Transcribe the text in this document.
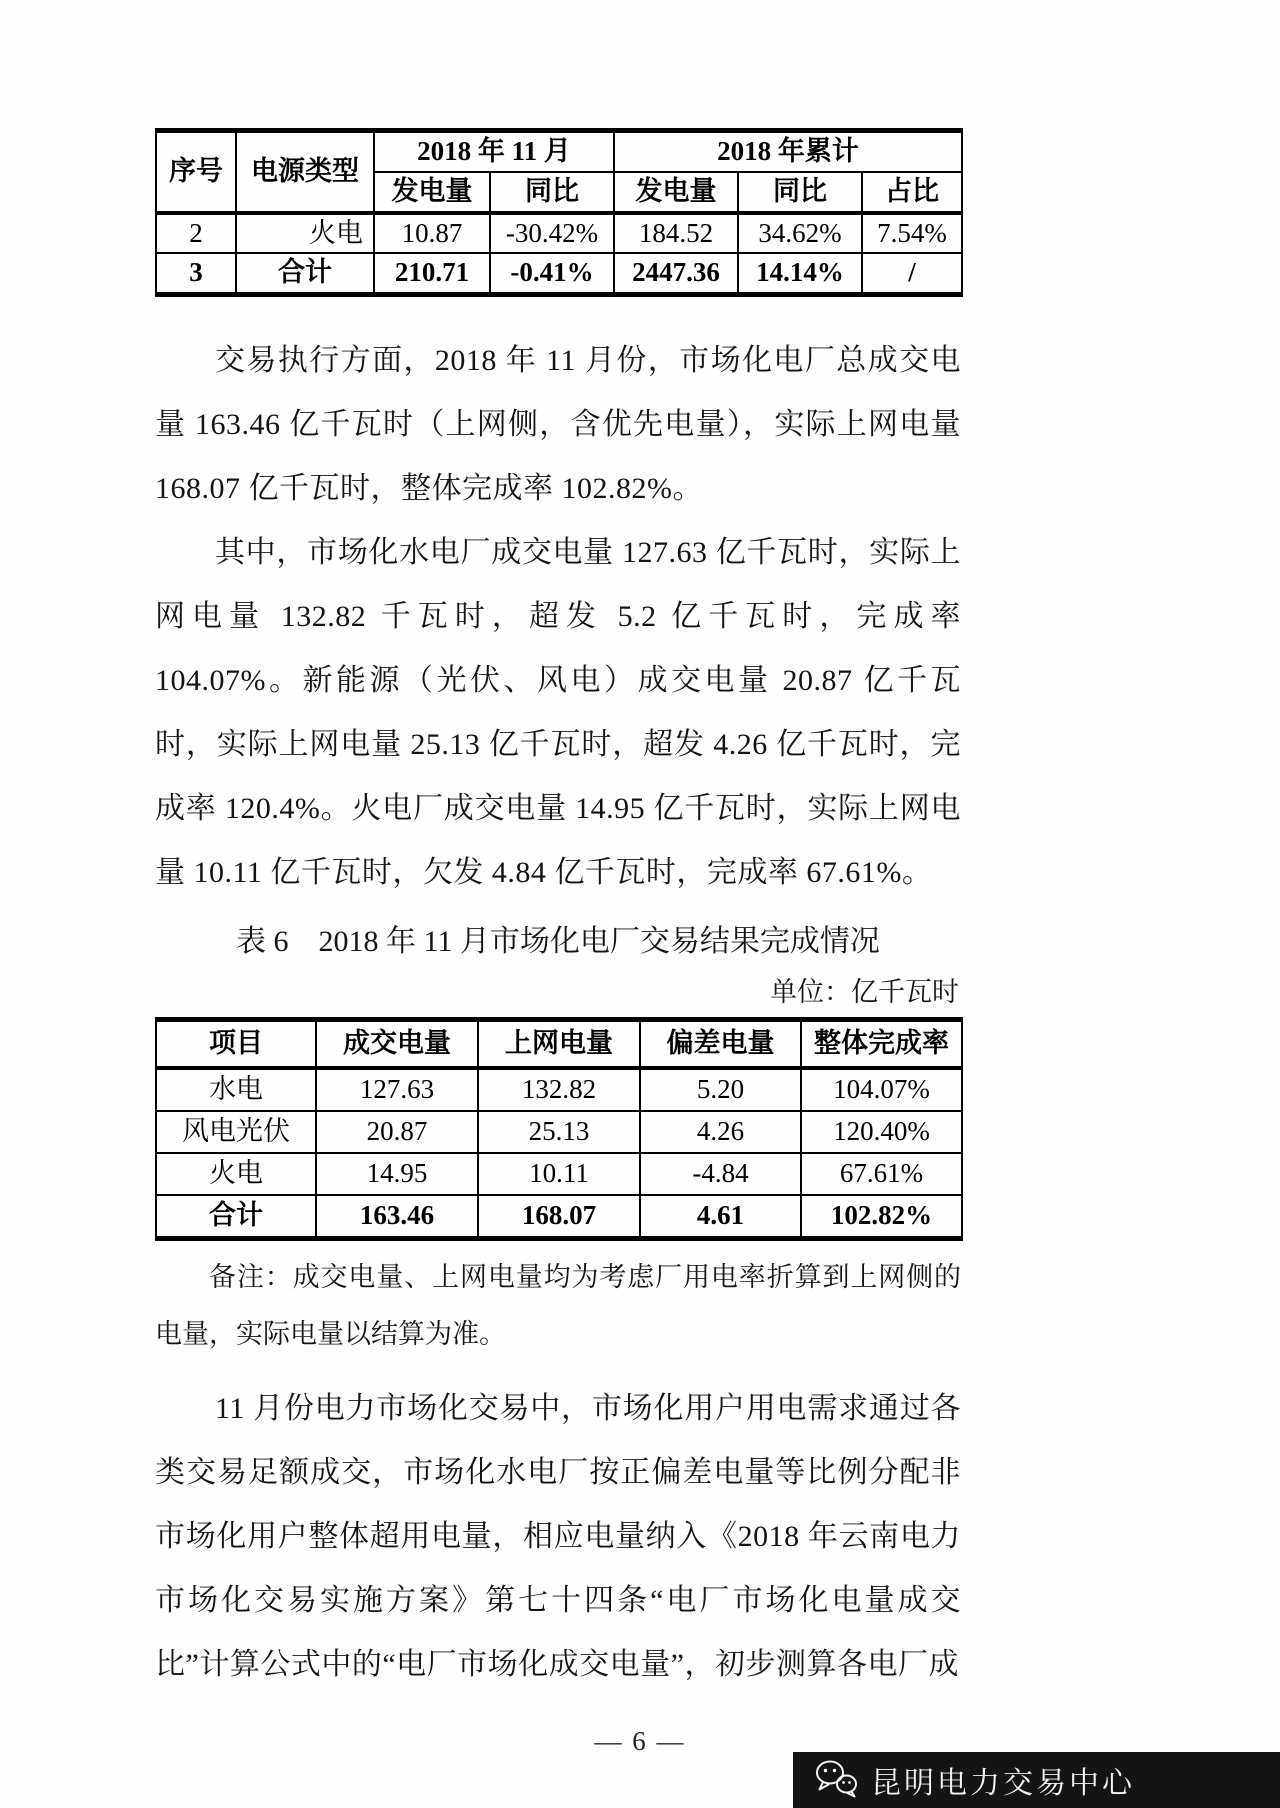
序号	电源类型	2018 年 11 月		2018 年累计		
		发电量	同比	发电量	同比	占比
2	火电	10.87	-30.42%	184.52	34.62%	7.54%
3	合计	210.71	-0.41%	2447.36	14.14%	/

交易执行方面，2018 年 11 月份，市场化电厂总成交电量 163.46 亿千瓦时（上网侧，含优先电量），实际上网电量 168.07 亿千瓦时，整体完成率 102.82%。

其中，市场化水电厂成交电量 127.63 亿千瓦时，实际上网电量 132.82 千瓦时，超发 5.2 亿千瓦时，完成率 104.07%。新能源（光伏、风电）成交电量 20.87 亿千瓦时，实际上网电量 25.13 亿千瓦时，超发 4.26 亿千瓦时，完成率 120.4%。火电厂成交电量 14.95 亿千瓦时，实际上网电量 10.11 亿千瓦时，欠发 4.84 亿千瓦时，完成率 67.61%。

表 6　2018 年 11 月市场化电厂交易结果完成情况

单位：亿千瓦时

项目	成交电量	上网电量	偏差电量	整体完成率
水电	127.63	132.82	5.20	104.07%
风电光伏	20.87	25.13	4.26	120.40%
火电	14.95	10.11	-4.84	67.61%
合计	163.46	168.07	4.61	102.82%

备注：成交电量、上网电量均为考虑厂用电率折算到上网侧的电量，实际电量以结算为准。

11 月份电力市场化交易中，市场化用户用电需求通过各类交易足额成交，市场化水电厂按正偏差电量等比例分配非市场化用户整体超用电量，相应电量纳入《2018 年云南电力市场化交易实施方案》第七十四条“电厂市场化电量成交比”计算公式中的“电厂市场化成交电量”，初步测算各电厂成

— 6 —
昆明电力交易中心
